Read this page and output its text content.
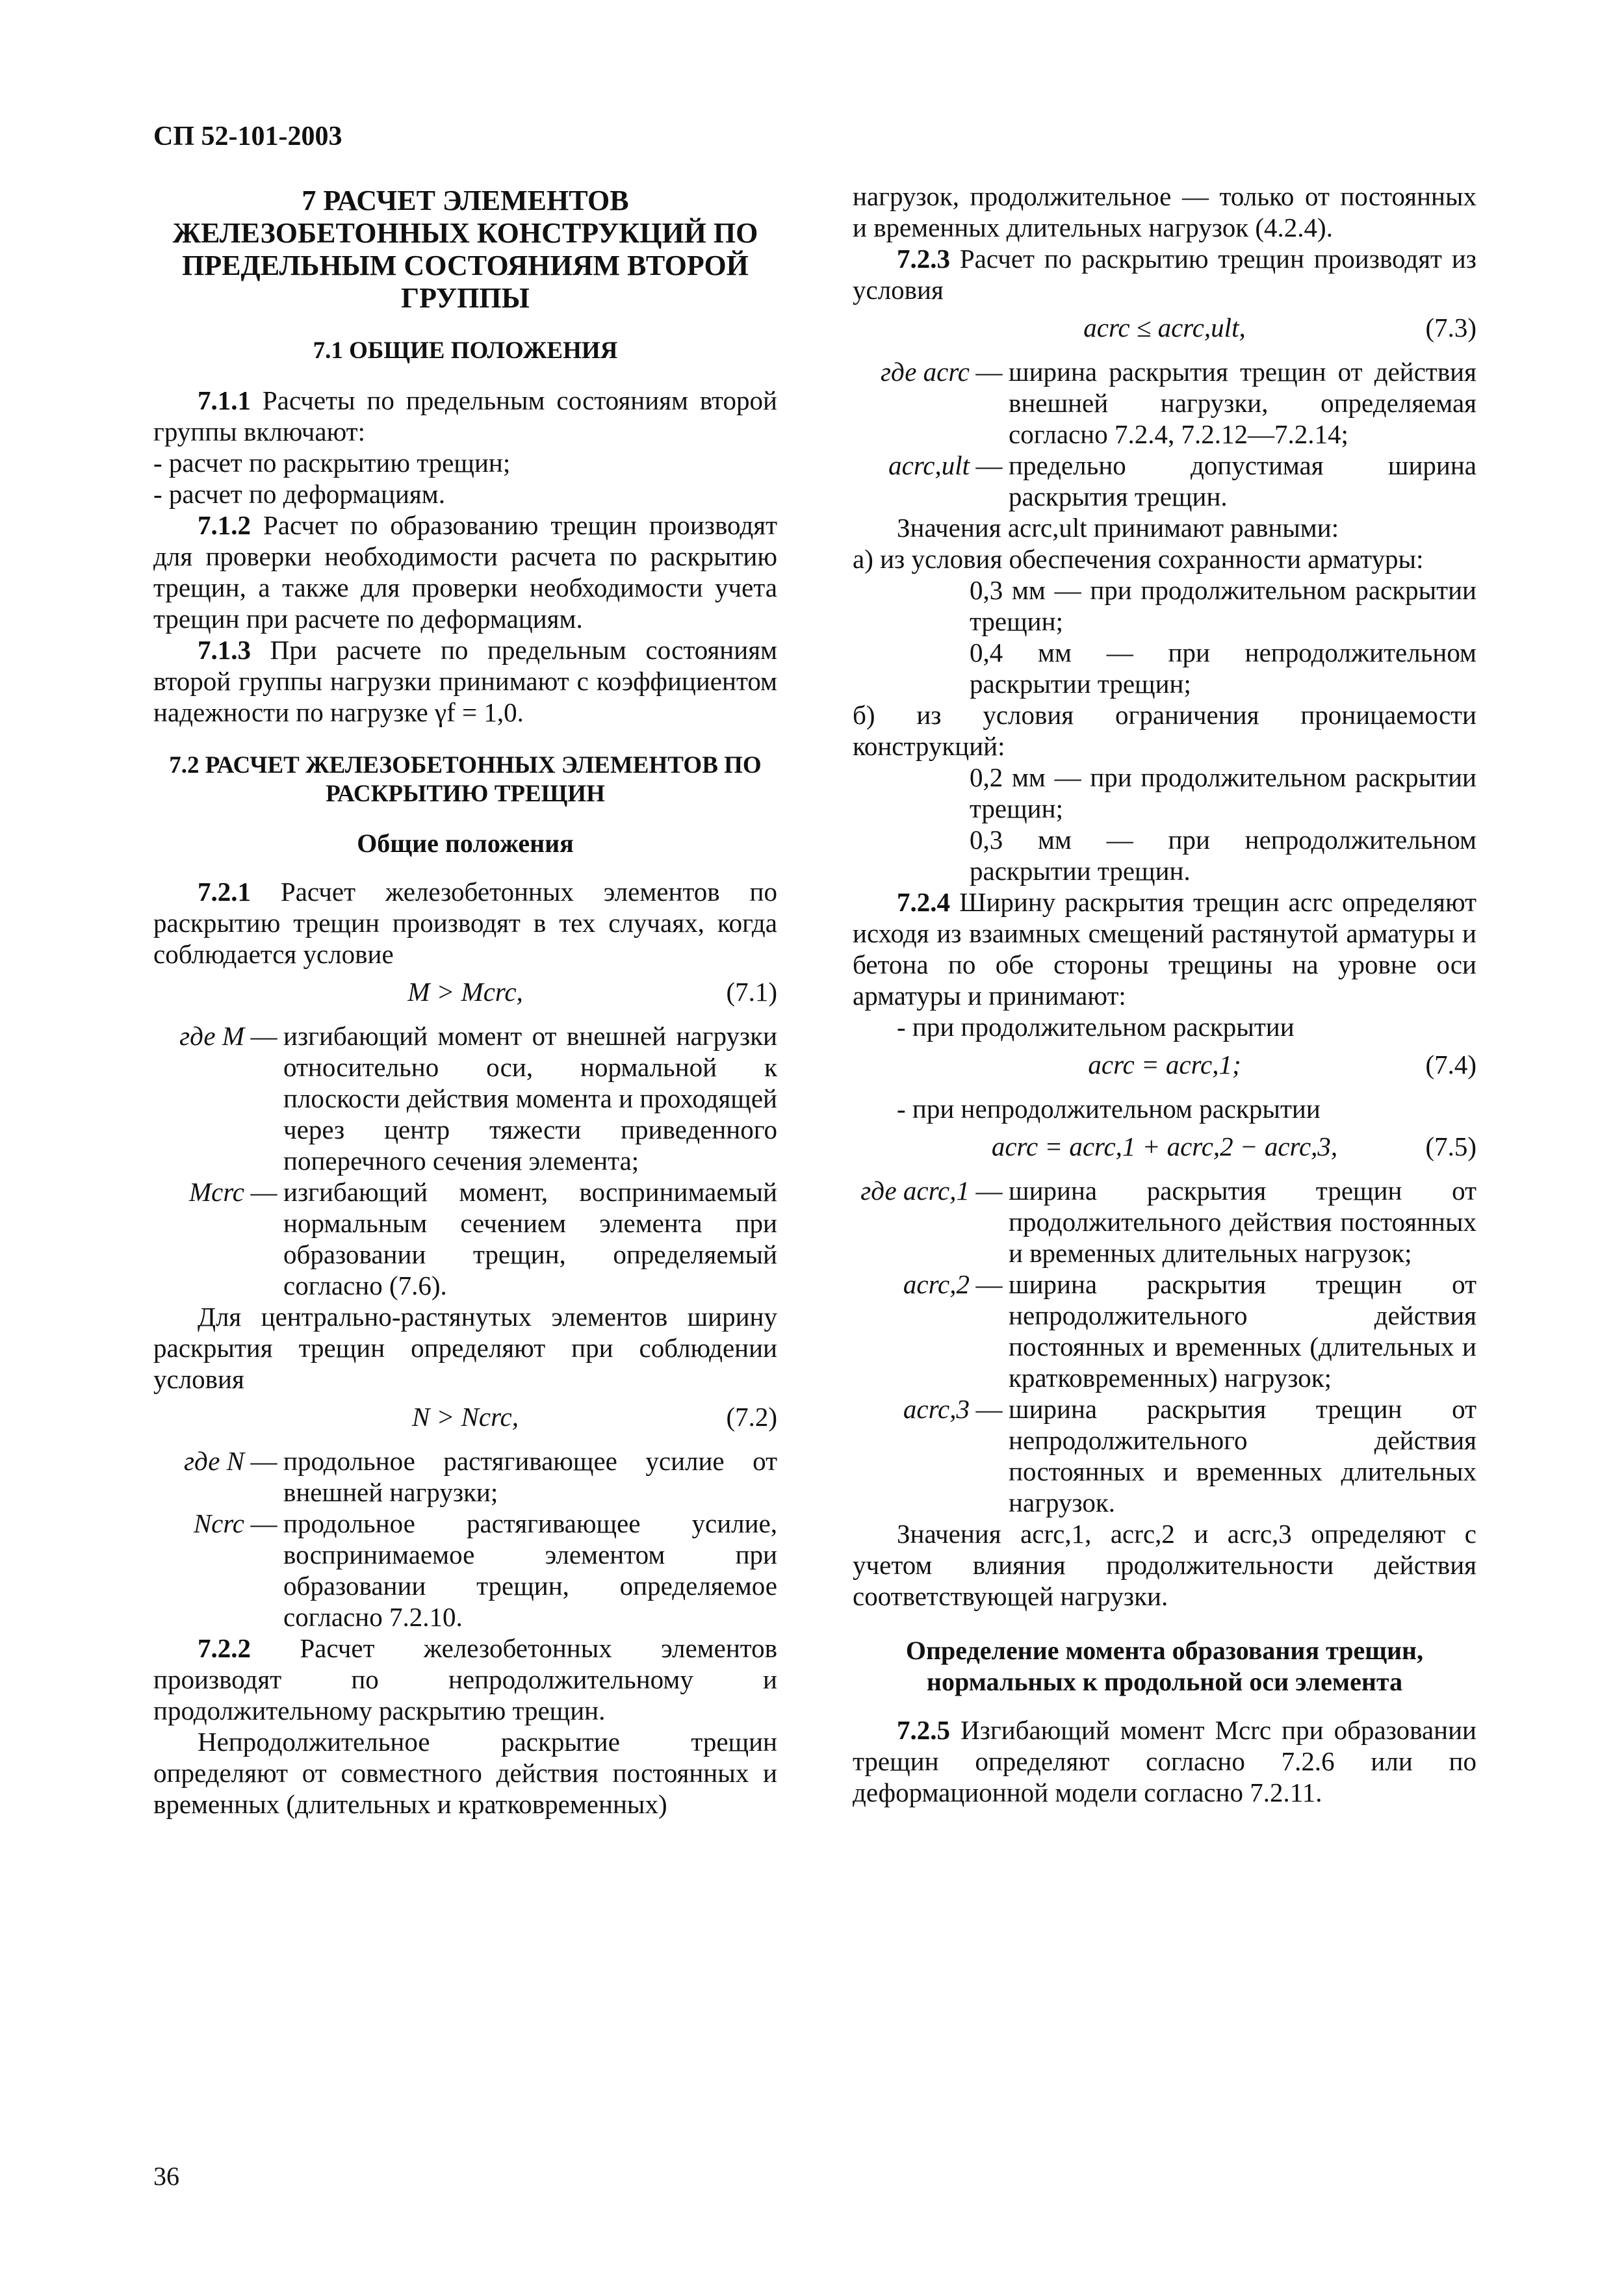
СП 52-101-2003
7 РАСЧЕТ ЭЛЕМЕНТОВ ЖЕЛЕЗОБЕТОННЫХ КОНСТРУКЦИЙ ПО ПРЕДЕЛЬНЫМ СОСТОЯНИЯМ ВТОРОЙ ГРУППЫ
7.1 ОБЩИЕ ПОЛОЖЕНИЯ

7.1.1 Расчеты по предельным состояниям второй группы включают:

- расчет по раскрытию трещин;

- расчет по деформациям.

7.1.2 Расчет по образованию трещин производят для проверки необходимости расчета по раскрытию трещин, а также для проверки необходимости учета трещин при расчете по деформациям.

7.1.3 При расчете по предельным состояниям второй группы нагрузки принимают с коэффициентом надежности по нагрузке γf = 1,0.

7.2 РАСЧЕТ ЖЕЛЕЗОБЕТОННЫХ ЭЛЕМЕНТОВ ПО РАСКРЫТИЮ ТРЕЩИН
Общие положения

7.2.1 Расчет железобетонных элементов по раскрытию трещин производят в тех случаях, когда соблюдается условие

M > Mcrc,	(7.1)
где M — изгибающий момент от внешней нагрузки относительно оси, нормальной к плоскости действия момента и проходящей через центр тяжести приведенного поперечного сечения элемента;
Mcrc — изгибающий момент, воспринимаемый нормальным сечением элемента при образовании трещин, определяемый согласно (7.6).

Для центрально-растянутых элементов ширину раскрытия трещин определяют при соблюдении условия

N > Ncrc,	(7.2)
где N — продольное растягивающее усилие от внешней нагрузки;
Ncrc — продольное растягивающее усилие, воспринимаемое элементом при образовании трещин, определяемое согласно 7.2.10.

7.2.2 Расчет железобетонных элементов производят по непродолжительному и продолжительному раскрытию трещин.

Непродолжительное раскрытие трещин определяют от совместного действия постоянных и временных (длительных и кратковременных)

нагрузок, продолжительное — только от постоянных и временных длительных нагрузок (4.2.4).

7.2.3 Расчет по раскрытию трещин производят из условия

acrc ≤ acrc,ult,	(7.3)
где acrc — ширина раскрытия трещин от действия внешней нагрузки, определяемая согласно 7.2.4, 7.2.12—7.2.14;
acrc,ult — предельно допустимая ширина раскрытия трещин.

Значения acrc,ult принимают равными:

а) из условия обеспечения сохранности арматуры:

0,3 мм — при продолжительном раскрытии трещин;

0,4 мм — при непродолжительном раскрытии трещин;

б) из условия ограничения проницаемости конструкций:

0,2 мм — при продолжительном раскрытии трещин;

0,3 мм — при непродолжительном раскрытии трещин.

7.2.4 Ширину раскрытия трещин acrc определяют исходя из взаимных смещений растянутой арматуры и бетона по обе стороны трещины на уровне оси арматуры и принимают:

- при продолжительном раскрытии

acrc = acrc,1;	(7.4)

- при непродолжительном раскрытии

acrc = acrc,1 + acrc,2 − acrc,3,	(7.5)
где acrc,1 — ширина раскрытия трещин от продолжительного действия постоянных и временных длительных нагрузок;
acrc,2 — ширина раскрытия трещин от непродолжительного действия постоянных и временных (длительных и кратковременных) нагрузок;
acrc,3 — ширина раскрытия трещин от непродолжительного действия постоянных и временных длительных нагрузок.

Значения acrc,1, acrc,2 и acrc,3 определяют с учетом влияния продолжительности действия соответствующей нагрузки.

Определение момента образования трещин, нормальных к продольной оси элемента

7.2.5 Изгибающий момент Mcrc при образовании трещин определяют согласно 7.2.6 или по деформационной модели согласно 7.2.11.

36
